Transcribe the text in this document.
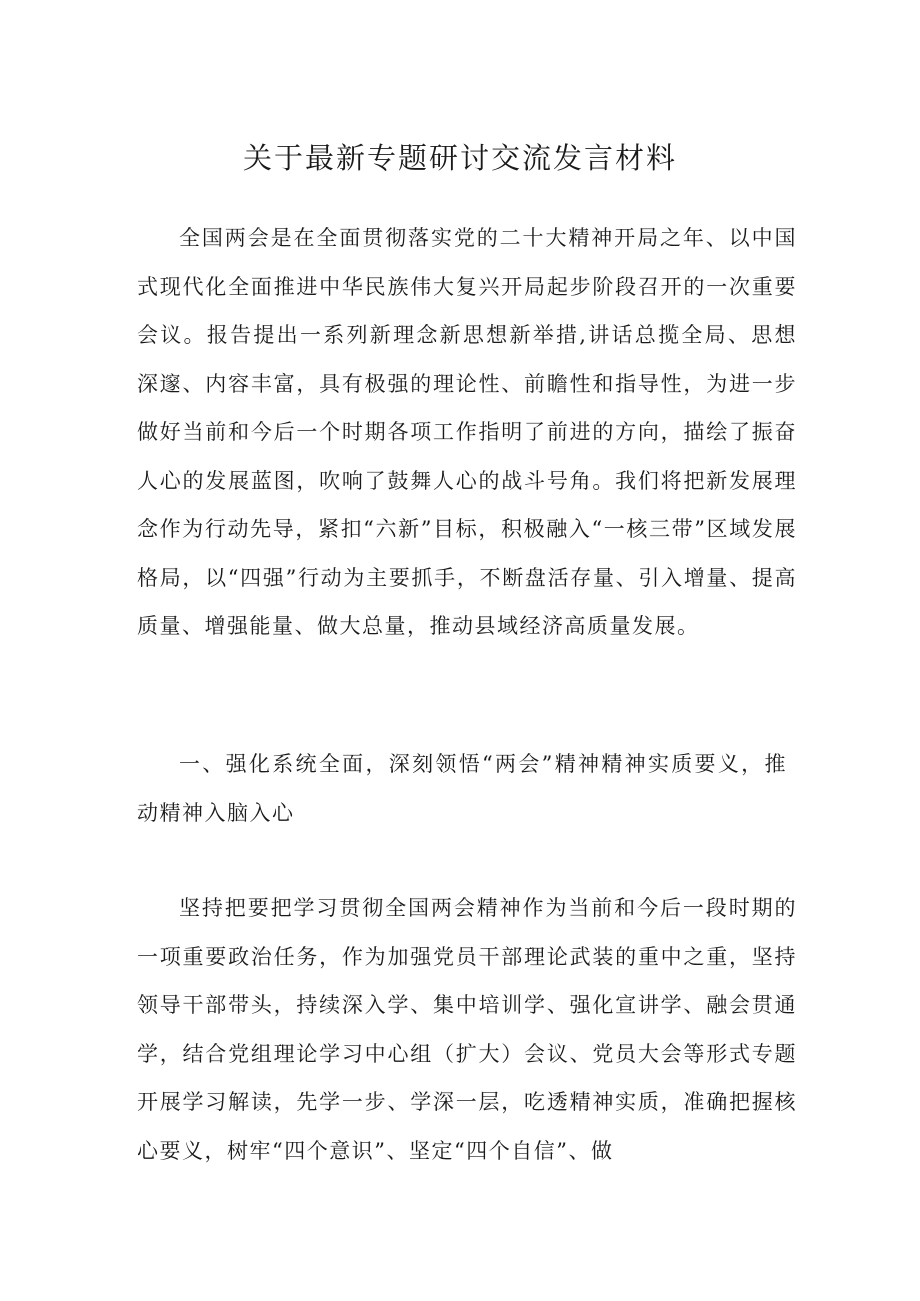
关于最新专题研讨交流发言材料

全国两会是在全面贯彻落实党的二十大精神开局之年、以中国式现代化全面推进中华民族伟大复兴开局起步阶段召开的一次重要会议。报告提出一系列新理念新思想新举措,讲话总揽全局、思想深邃、内容丰富，具有极强的理论性、前瞻性和指导性，为进一步做好当前和今后一个时期各项工作指明了前进的方向，描绘了振奋人心的发展蓝图，吹响了鼓舞人心的战斗号角。我们将把新发展理念作为行动先导，紧扣“六新”目标，积极融入“一核三带”区域发展格局，以“四强”行动为主要抓手，不断盘活存量、引入增量、提高质量、增强能量、做大总量，推动县域经济高质量发展。

一、强化系统全面，深刻领悟“两会”精神精神实质要义，推动精神入脑入心

坚持把要把学习贯彻全国两会精神作为当前和今后一段时期的一项重要政治任务，作为加强党员干部理论武装的重中之重，坚持领导干部带头，持续深入学、集中培训学、强化宣讲学、融会贯通学，结合党组理论学习中心组（扩大）会议、党员大会等形式专题开展学习解读，先学一步、学深一层，吃透精神实质，准确把握核心要义，树牢“四个意识”、坚定“四个自信”、做
